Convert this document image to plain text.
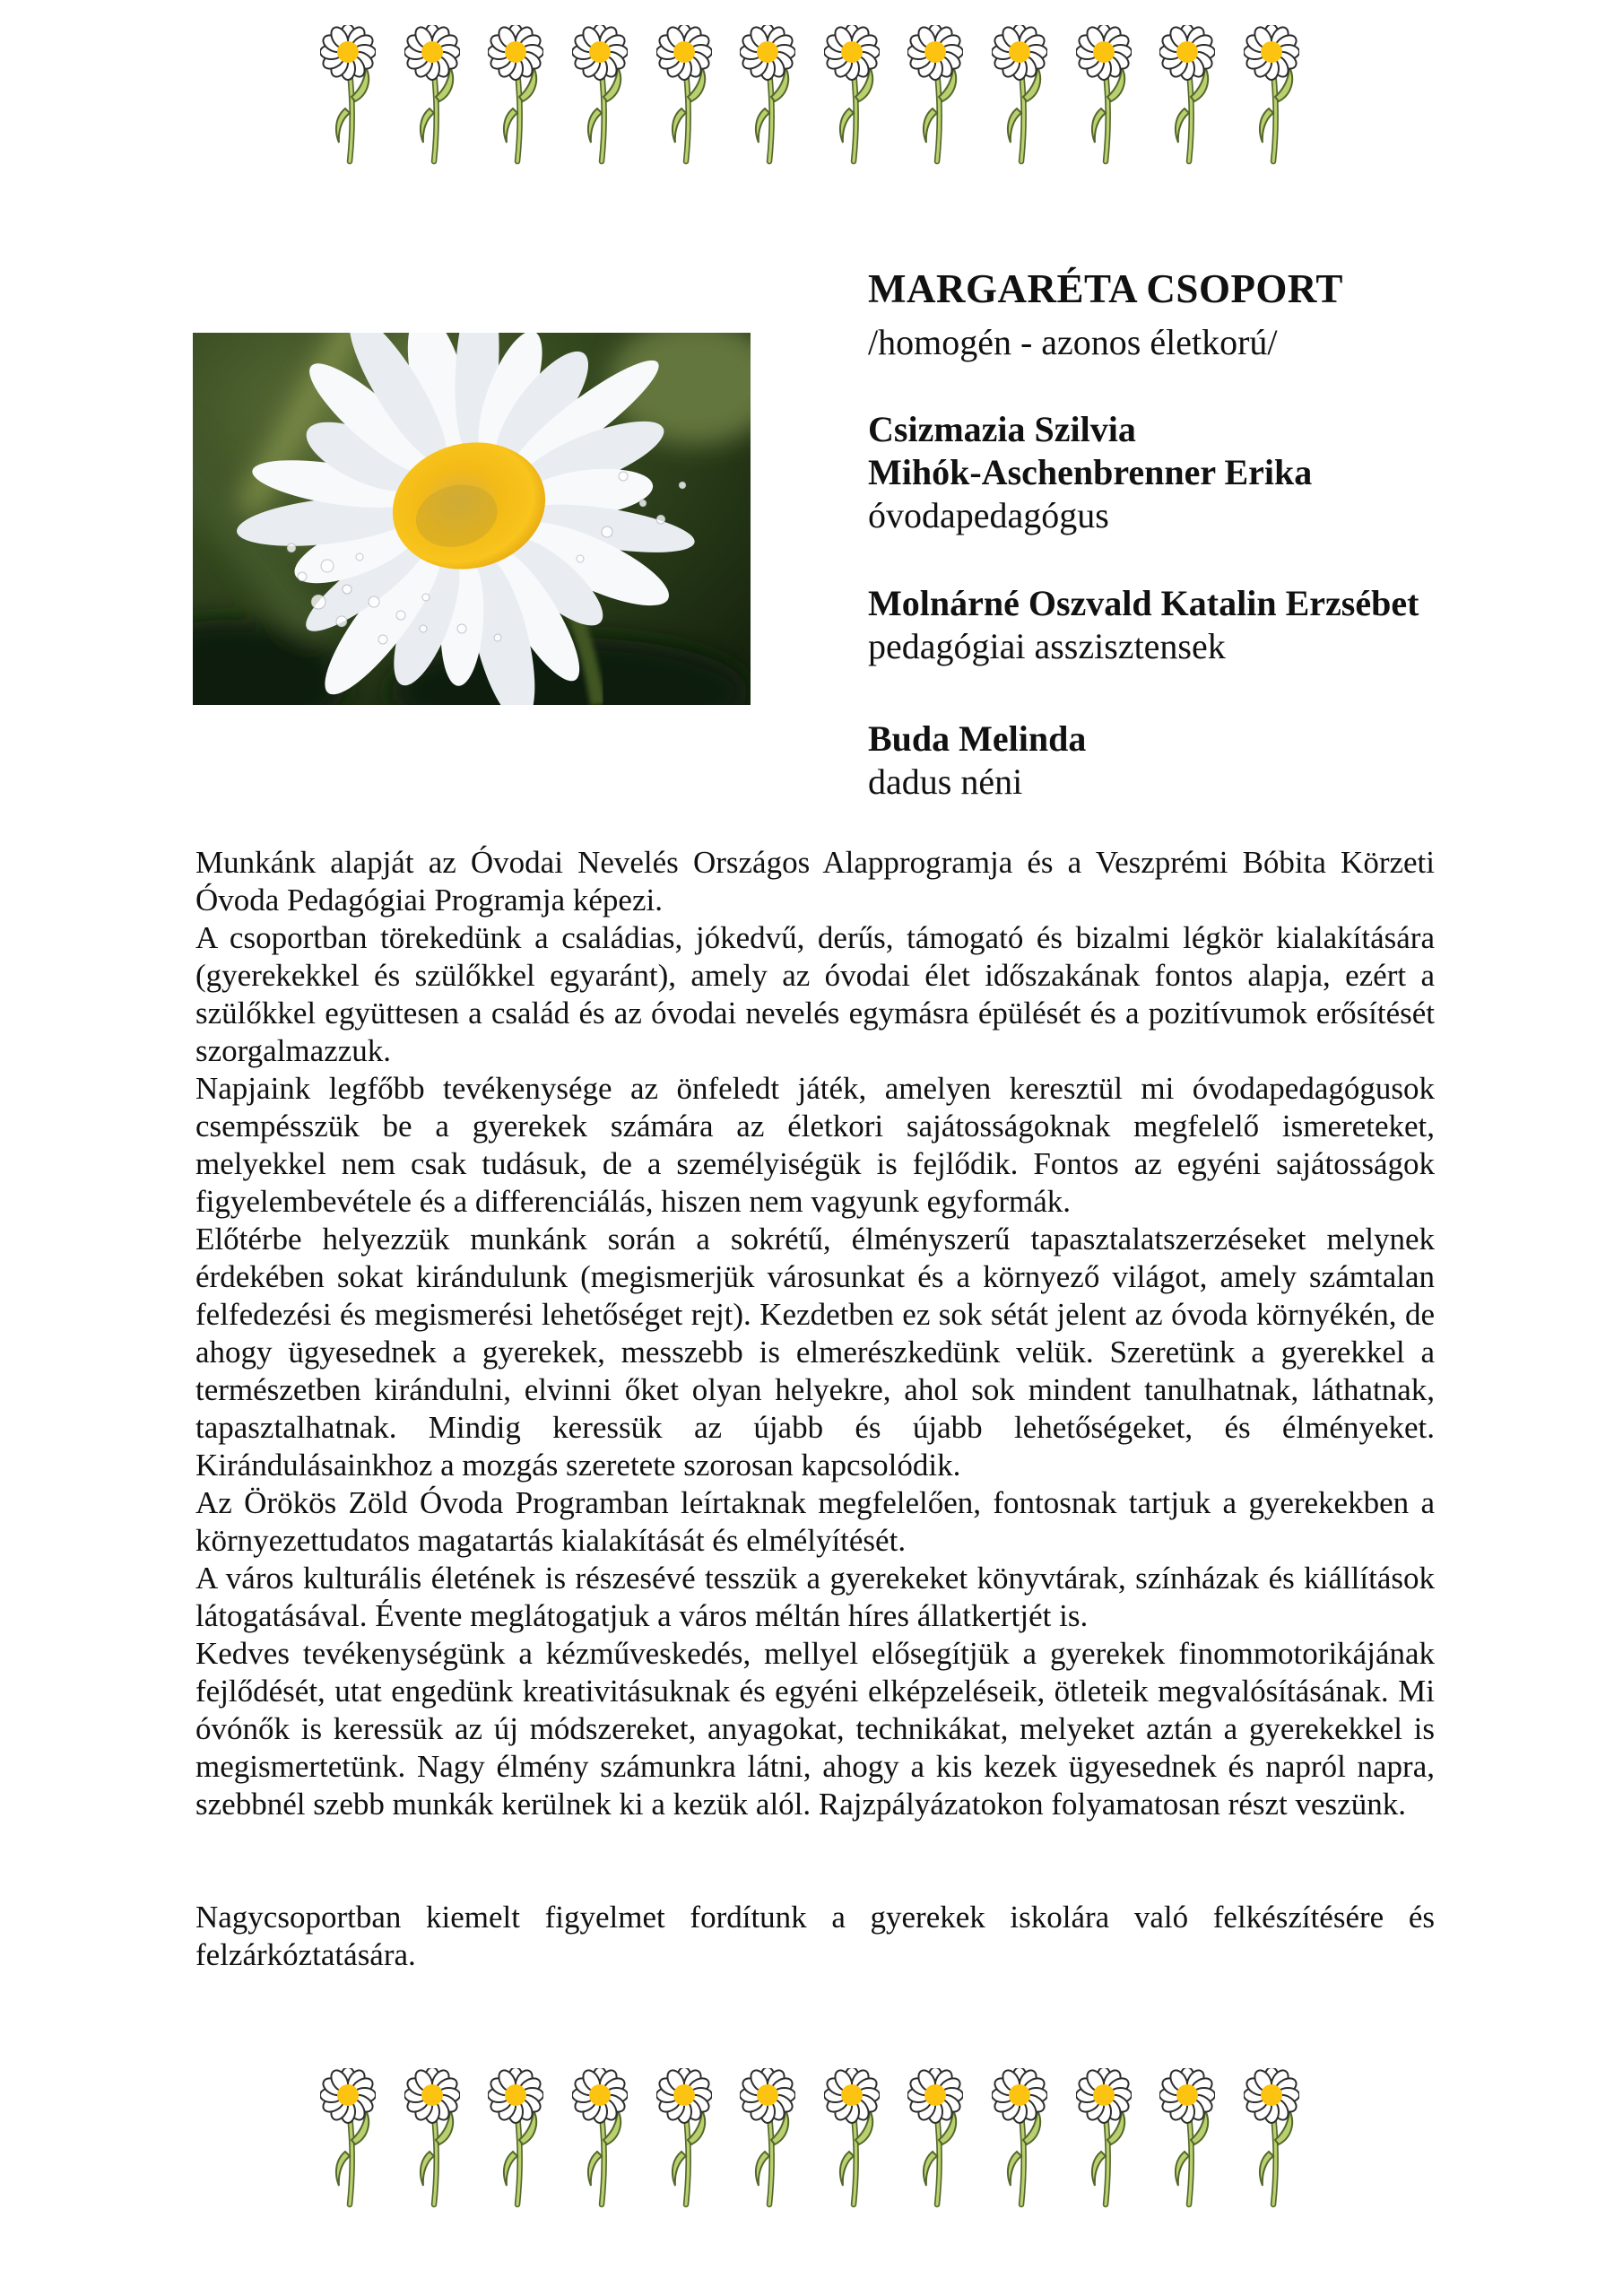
MARGARÉTA CSOPORT
/homogén - azonos életkorú/
Csizmazia Szilvia
Mihók-Aschenbrenner Erika
óvodapedagógus
Molnárné Oszvald Katalin Erzsébet
pedagógiai asszisztensek
Buda Melinda
dadus néni

Munkánk alapját az Óvodai Nevelés Országos Alapprogramja és a Veszprémi Bóbita Körzeti Óvoda Pedagógiai Programja képezi.

A csoportban törekedünk a családias, jókedvű, derűs, támogató és bizalmi légkör kialakítására (gyerekekkel és szülőkkel egyaránt), amely az óvodai élet időszakának fontos alapja, ezért a szülőkkel együttesen a család és az óvodai nevelés egymásra épülését és a pozitívumok erősítését szorgalmazzuk.

Napjaink legfőbb tevékenysége az önfeledt játék, amelyen keresztül mi óvodapedagógusok csempésszük be a gyerekek számára az életkori sajátosságoknak megfelelő ismereteket, melyekkel nem csak tudásuk, de a személyiségük is fejlődik. Fontos az egyéni sajátosságok figyelembevétele és a differenciálás, hiszen nem vagyunk egyformák.

Előtérbe helyezzük munkánk során a sokrétű, élményszerű tapasztalatszerzéseket melynek érdekében sokat kirándulunk (megismerjük városunkat és a környező világot, amely számtalan felfedezési és megismerési lehetőséget rejt). Kezdetben ez sok sétát jelent az óvoda környékén, de ahogy ügyesednek a gyerekek, messzebb is elmerészkedünk velük. Szeretünk a gyerekkel a természetben kirándulni, elvinni őket olyan helyekre, ahol sok mindent tanulhatnak, láthatnak, tapasztalhatnak. Mindig keressük az újabb és újabb lehetőségeket, és élményeket. Kirándulásainkhoz a mozgás szeretete szorosan kapcsolódik.

Az Örökös Zöld Óvoda Programban leírtaknak megfelelően, fontosnak tartjuk a gyerekekben a környezettudatos magatartás kialakítását és elmélyítését.

A város kulturális életének is részesévé tesszük a gyerekeket könyvtárak, színházak és kiállítások látogatásával. Évente meglátogatjuk a város méltán híres állatkertjét is.

Kedves tevékenységünk a kézműveskedés, mellyel elősegítjük a gyerekek finommotorikájának fejlődését, utat engedünk kreativitásuknak és egyéni elképzeléseik, ötleteik megvalósításának. Mi óvónők is keressük az új módszereket, anyagokat, technikákat, melyeket aztán a gyerekekkel is megismertetünk. Nagy élmény számunkra látni, ahogy a kis kezek ügyesednek és napról napra, szebbnél szebb munkák kerülnek ki a kezük alól. Rajzpályázatokon folyamatosan részt veszünk.

Nagycsoportban kiemelt figyelmet fordítunk a gyerekek iskolára való felkészítésére és felzárkóztatására.
